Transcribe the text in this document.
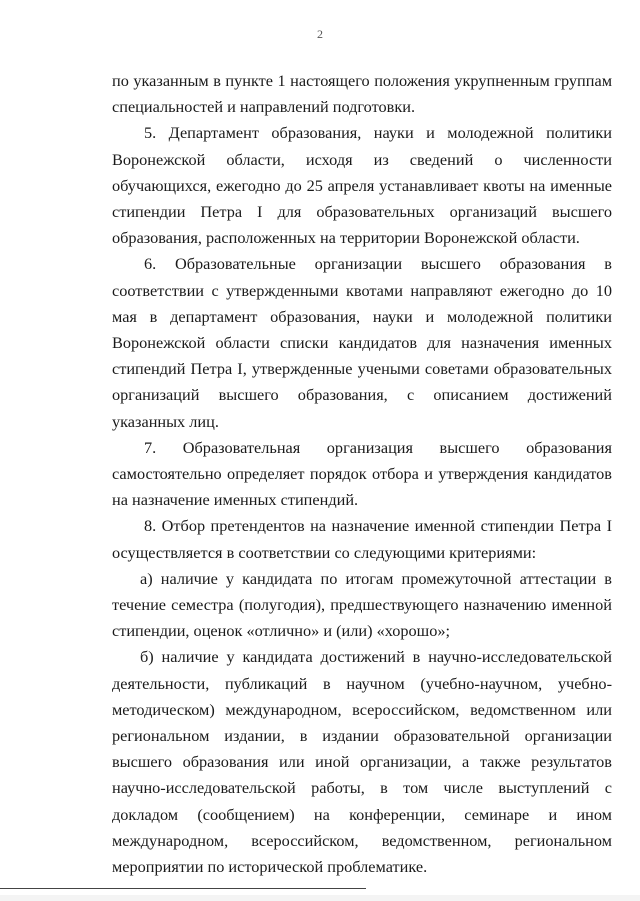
2

по указанным в пункте 1 настоящего положения укрупненным группам специальностей и направлений подготовки.

5. Департамент образования, науки и молодежной политики Воронежской области, исходя из сведений о численности обучающихся, ежегодно до 25 апреля устанавливает квоты на именные стипендии Петра I для образовательных организаций высшего образования, расположенных на территории Воронежской области.

6. Образовательные организации высшего образования в соответствии с утвержденными квотами направляют ежегодно до 10 мая в департамент образования, науки и молодежной политики Воронежской области списки кандидатов для назначения именных стипендий Петра I, утвержденные учеными советами образовательных организаций высшего образования, с описанием достижений указанных лиц.

7. Образовательная организация высшего образования самостоятельно определяет порядок отбора и утверждения кандидатов на назначение именных стипендий.

8. Отбор претендентов на назначение именной стипендии Петра I осуществляется в соответствии со следующими критериями:

а) наличие у кандидата по итогам промежуточной аттестации в течение семестра (полугодия), предшествующего назначению именной стипендии, оценок «отлично» и (или) «хорошо»;

б) наличие у кандидата достижений в научно-исследовательской деятельности, публикаций в научном (учебно-научном, учебно-методическом) международном, всероссийском, ведомственном или региональном издании, в издании образовательной организации высшего образования или иной организации, а также результатов научно-исследовательской работы, в том числе выступлений с докладом (сообщением) на конференции, семинаре и ином международном, всероссийском, ведомственном, региональном мероприятии по исторической проблематике.
